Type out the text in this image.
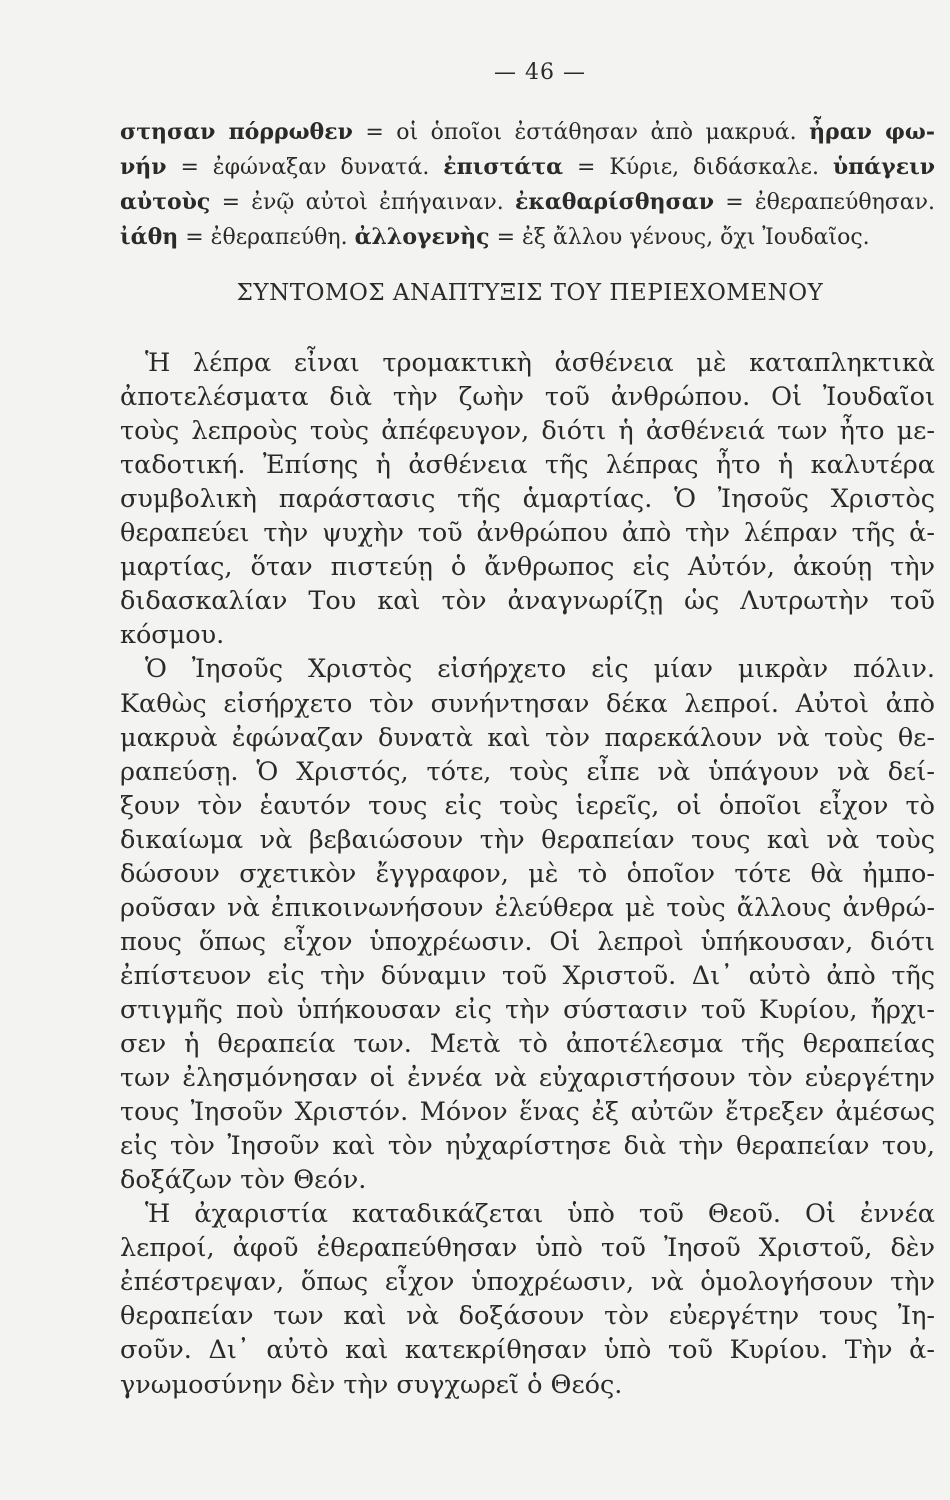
— 46 —
στησαν πόρρωθεν = οἱ ὁποῖοι ἐστάθησαν ἀπὸ μακρυά. ἦραν φω-
νήν = ἐφώναξαν δυνατά. ἐπιστάτα = Κύριε, διδάσκαλε. ὑπάγειν
αὐτοὺς = ἐνῷ αὐτοὶ ἐπήγαιναν. ἐκαθαρίσθησαν = ἐθεραπεύθησαν.
ἰάθη = ἐθεραπεύθη. ἀλλογενὴς = ἐξ ἄλλου γένους, ὄχι Ἰουδαῖος.
ΣΥΝΤΟΜΟΣ ΑΝΑΠΤΥΞΙΣ ΤΟΥ ΠΕΡΙΕΧΟΜΕΝΟΥ
Ἡ λέπρα εἶναι τρομακτικὴ ἀσθένεια μὲ καταπληκτικὰ
ἀποτελέσματα διὰ τὴν ζωὴν τοῦ ἀνθρώπου. Οἱ Ἰουδαῖοι
τοὺς λεπροὺς τοὺς ἀπέφευγον, διότι ἡ ἀσθένειά των ἦτο με-
ταδοτική. Ἐπίσης ἡ ἀσθένεια τῆς λέπρας ἦτο ἡ καλυτέρα
συμβολικὴ παράστασις τῆς ἁμαρτίας. Ὁ Ἰησοῦς Χριστὸς
θεραπεύει τὴν ψυχὴν τοῦ ἀνθρώπου ἀπὸ τὴν λέπραν τῆς ἁ-
μαρτίας, ὅταν πιστεύῃ ὁ ἄνθρωπος εἰς Αὐτόν, ἀκούῃ τὴν
διδασκαλίαν Του καὶ τὸν ἀναγνωρίζῃ ὡς Λυτρωτὴν τοῦ
κόσμου.
Ὁ Ἰησοῦς Χριστὸς εἰσήρχετο εἰς μίαν μικρὰν πόλιν.
Καθὼς εἰσήρχετο τὸν συνήντησαν δέκα λεπροί. Αὐτοὶ ἀπὸ
μακρυὰ ἐφώναζαν δυνατὰ καὶ τὸν παρεκάλουν νὰ τοὺς θε-
ραπεύσῃ. Ὁ Χριστός, τότε, τοὺς εἶπε νὰ ὑπάγουν νὰ δεί-
ξουν τὸν ἑαυτόν τους εἰς τοὺς ἱερεῖς, οἱ ὁποῖοι εἶχον τὸ
δικαίωμα νὰ βεβαιώσουν τὴν θεραπείαν τους καὶ νὰ τοὺς
δώσουν σχετικὸν ἔγγραφον, μὲ τὸ ὁποῖον τότε θὰ ἠμπο-
ροῦσαν νὰ ἐπικοινωνήσουν ἐλεύθερα μὲ τοὺς ἄλλους ἀνθρώ-
πους ὅπως εἶχον ὑποχρέωσιν. Οἱ λεπροὶ ὑπήκουσαν, διότι
ἐπίστευον εἰς τὴν δύναμιν τοῦ Χριστοῦ. Δι᾿ αὐτὸ ἀπὸ τῆς
στιγμῆς ποὺ ὑπήκουσαν εἰς τὴν σύστασιν τοῦ Κυρίου, ἤρχι-
σεν ἡ θεραπεία των. Μετὰ τὸ ἀποτέλεσμα τῆς θεραπείας
των ἐλησμόνησαν οἱ ἐννέα νὰ εὐχαριστήσουν τὸν εὐεργέτην
τους Ἰησοῦν Χριστόν. Μόνον ἕνας ἐξ αὐτῶν ἔτρεξεν ἀμέσως
εἰς τὸν Ἰησοῦν καὶ τὸν ηὐχαρίστησε διὰ τὴν θεραπείαν του,
δοξάζων τὸν Θεόν.
Ἡ ἀχαριστία καταδικάζεται ὑπὸ τοῦ Θεοῦ. Οἱ ἐννέα
λεπροί, ἀφοῦ ἐθεραπεύθησαν ὑπὸ τοῦ Ἰησοῦ Χριστοῦ, δὲν
ἐπέστρεψαν, ὅπως εἶχον ὑποχρέωσιν, νὰ ὁμολογήσουν τὴν
θεραπείαν των καὶ νὰ δοξάσουν τὸν εὐεργέτην τους Ἰη-
σοῦν. Δι᾿ αὐτὸ καὶ κατεκρίθησαν ὑπὸ τοῦ Κυρίου. Τὴν ἀ-
γνωμοσύνην δὲν τὴν συγχωρεῖ ὁ Θεός.
